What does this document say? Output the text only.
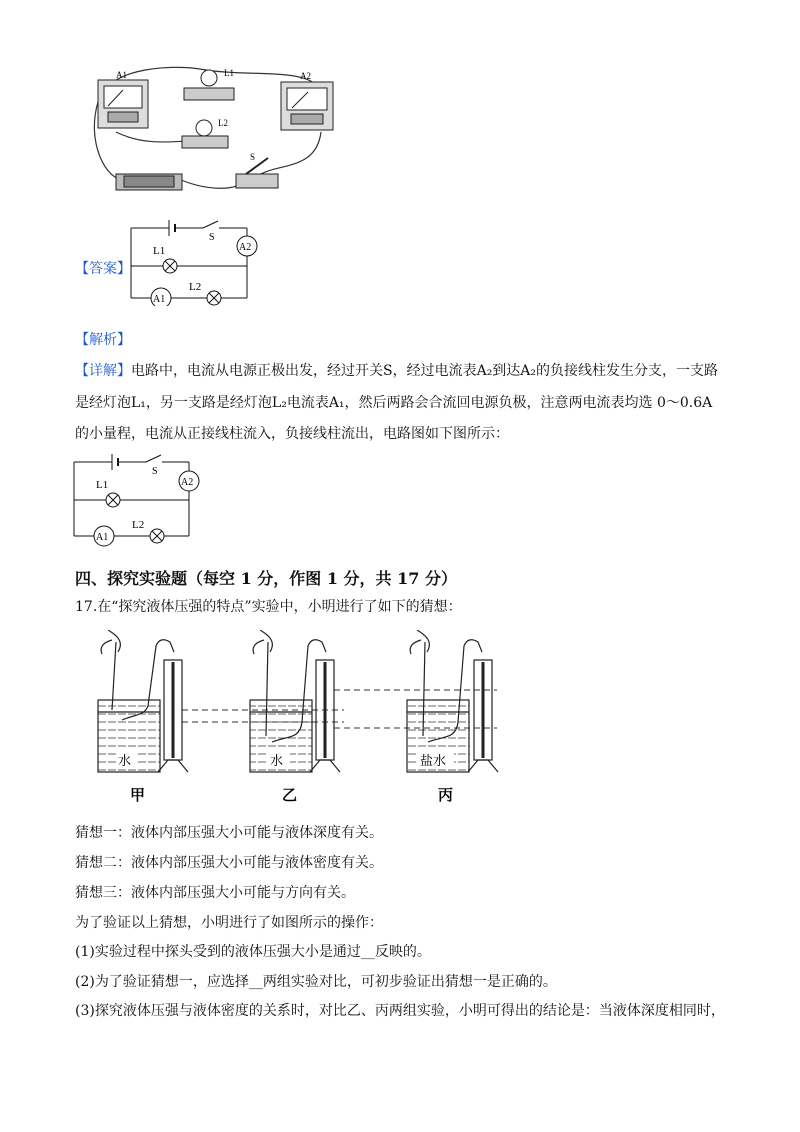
A1	L1	A2
L2
S
【答案】
S
L1
L2
A1
A2
【解析】
【详解】电路中，电流从电源正极出发，经过开关S，经过电流表A₂到达A₂的负接线柱发生分支，一支路
是经灯泡L₁，另一支路是经灯泡L₂电流表A₁，然后两路会合流回电源负极，注意两电流表均选 0～0.6A
的小量程，电流从正接线柱流入，负接线柱流出，电路图如下图所示：
S
L1
L2
A1
A2
四、探究实验题（每空 1 分，作图 1 分，共 17 分）
17.在“探究液体压强的特点”实验中，小明进行了如下的猜想：
水	水	盐水
甲	乙	丙
猜想一：液体内部压强大小可能与液体深度有关。
猜想二：液体内部压强大小可能与液体密度有关。
猜想三：液体内部压强大小可能与方向有关。
为了验证以上猜想，小明进行了如图所示的操作：
(1)实验过程中探头受到的液体压强大小是通过__反映的。
(2)为了验证猜想一，应选择__两组实验对比，可初步验证出猜想一是正确的。
(3)探究液体压强与液体密度的关系时，对比乙、丙两组实验，小明可得出的结论是：当液体深度相同时，
